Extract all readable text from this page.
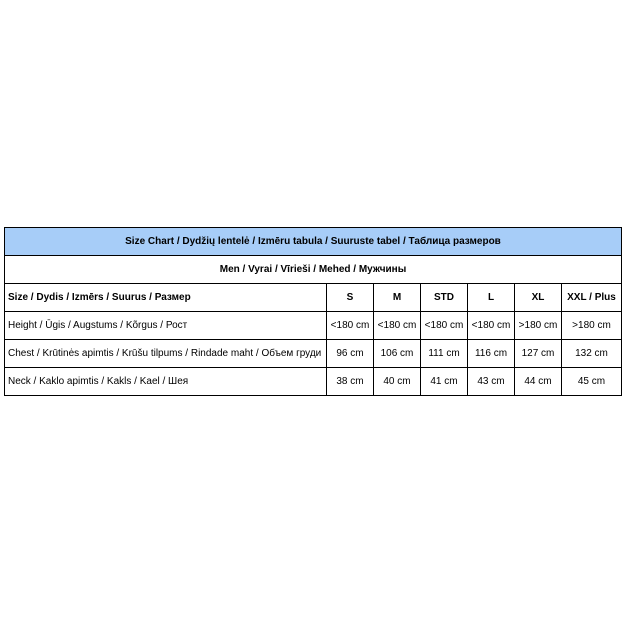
Size Chart / Dydžių lentelė / Izmēru tabula / Suuruste tabel / Таблица размеров						
Men / Vyrai / Vīrieši / Mehed / Мужчины						
Size / Dydis / Izmērs / Suurus / Размер	S	M	STD	L	XL	XXL / Plus
Height / Ūgis / Augstums / Kõrgus / Рост	<180 cm	<180 cm	<180 cm	<180 cm	>180 cm	>180 cm
Chest / Krūtinės apimtis / Krūšu tilpums / Rindade maht / Объем груди	96 cm	106 cm	111 cm	116 cm	127 cm	132 cm
Neck / Kaklo apimtis / Kakls / Kael / Шея	38 cm	40 cm	41 cm	43 cm	44 cm	45 cm
